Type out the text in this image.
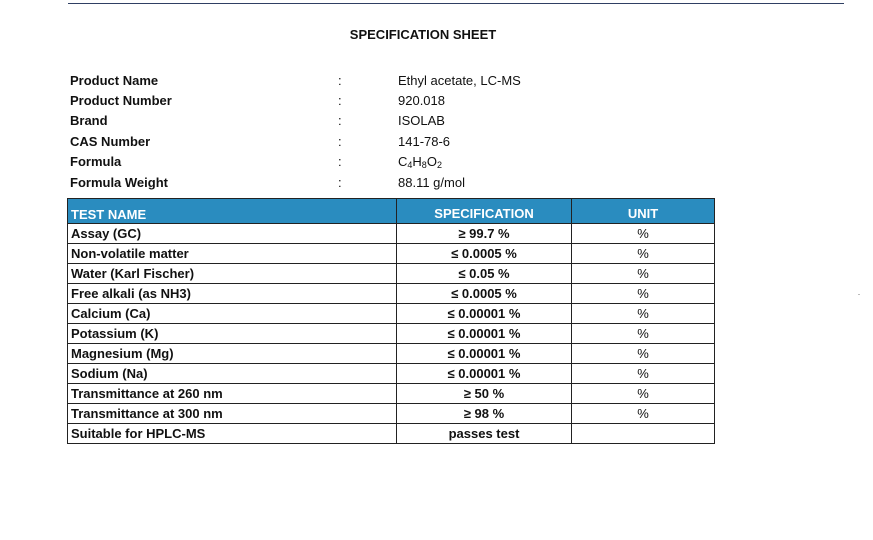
SPECIFICATION SHEET
Product Name	:	Ethyl acetate, LC-MS
Product Number	:	920.018
Brand	:	ISOLAB
CAS Number	:	141-78-6
Formula	:	$C_4H_8O_2$
Formula Weight	:	88.11 g/mol
TEST NAME	SPECIFICATION	UNIT
Assay (GC)	≥ 99.7 %	%
Non-volatile matter	≤ 0.0005 %	%
Water (Karl Fischer)	≤ 0.05 %	%
Free alkali (as NH3)	≤ 0.0005 %	%
Calcium (Ca)	≤ 0.00001 %	%
Potassium (K)	≤ 0.00001 %	%
Magnesium (Mg)	≤ 0.00001 %	%
Sodium (Na)	≤ 0.00001 %	%
Transmittance at 260 nm	≥ 50 %	%
Transmittance at 300 nm	≥ 98 %	%
Suitable for HPLC-MS	passes test	
